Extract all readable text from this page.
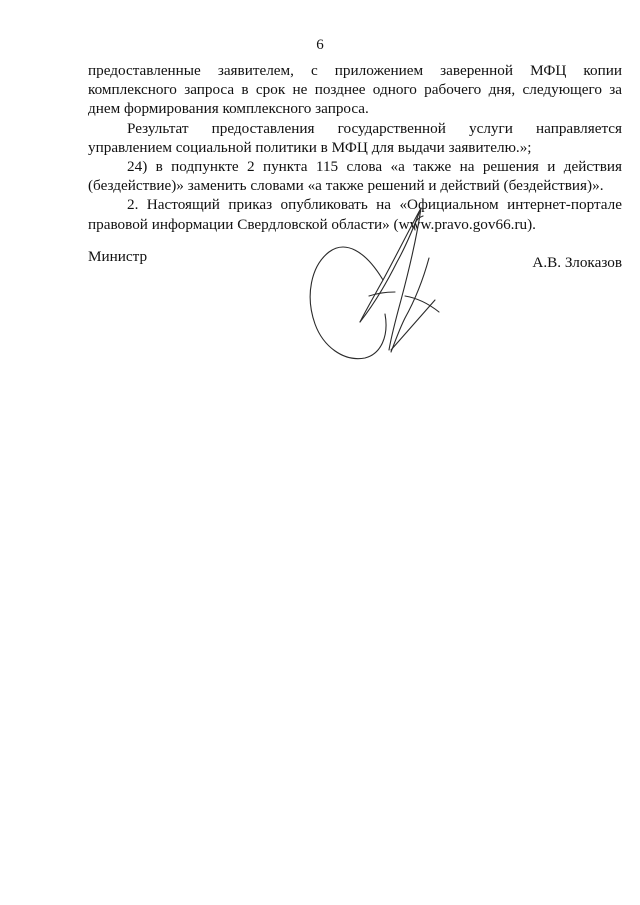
6

предоставленные заявителем, с приложением заверенной МФЦ копии комплексного запроса в срок не позднее одного рабочего дня, следующего за днем формирования комплексного запроса.

Результат предоставления государственной услуги направляется управлением социальной политики в МФЦ для выдачи заявителю.»;

24) в подпункте 2 пункта 115 слова «а также на решения и действия (бездействие)» заменить словами «а также решений и действий (бездействия)».

2. Настоящий приказ опубликовать на «Официальном интернет-портале правовой информации Свердловской области» (www.pravo.gov66.ru).

Министр	А.В. Злоказов
